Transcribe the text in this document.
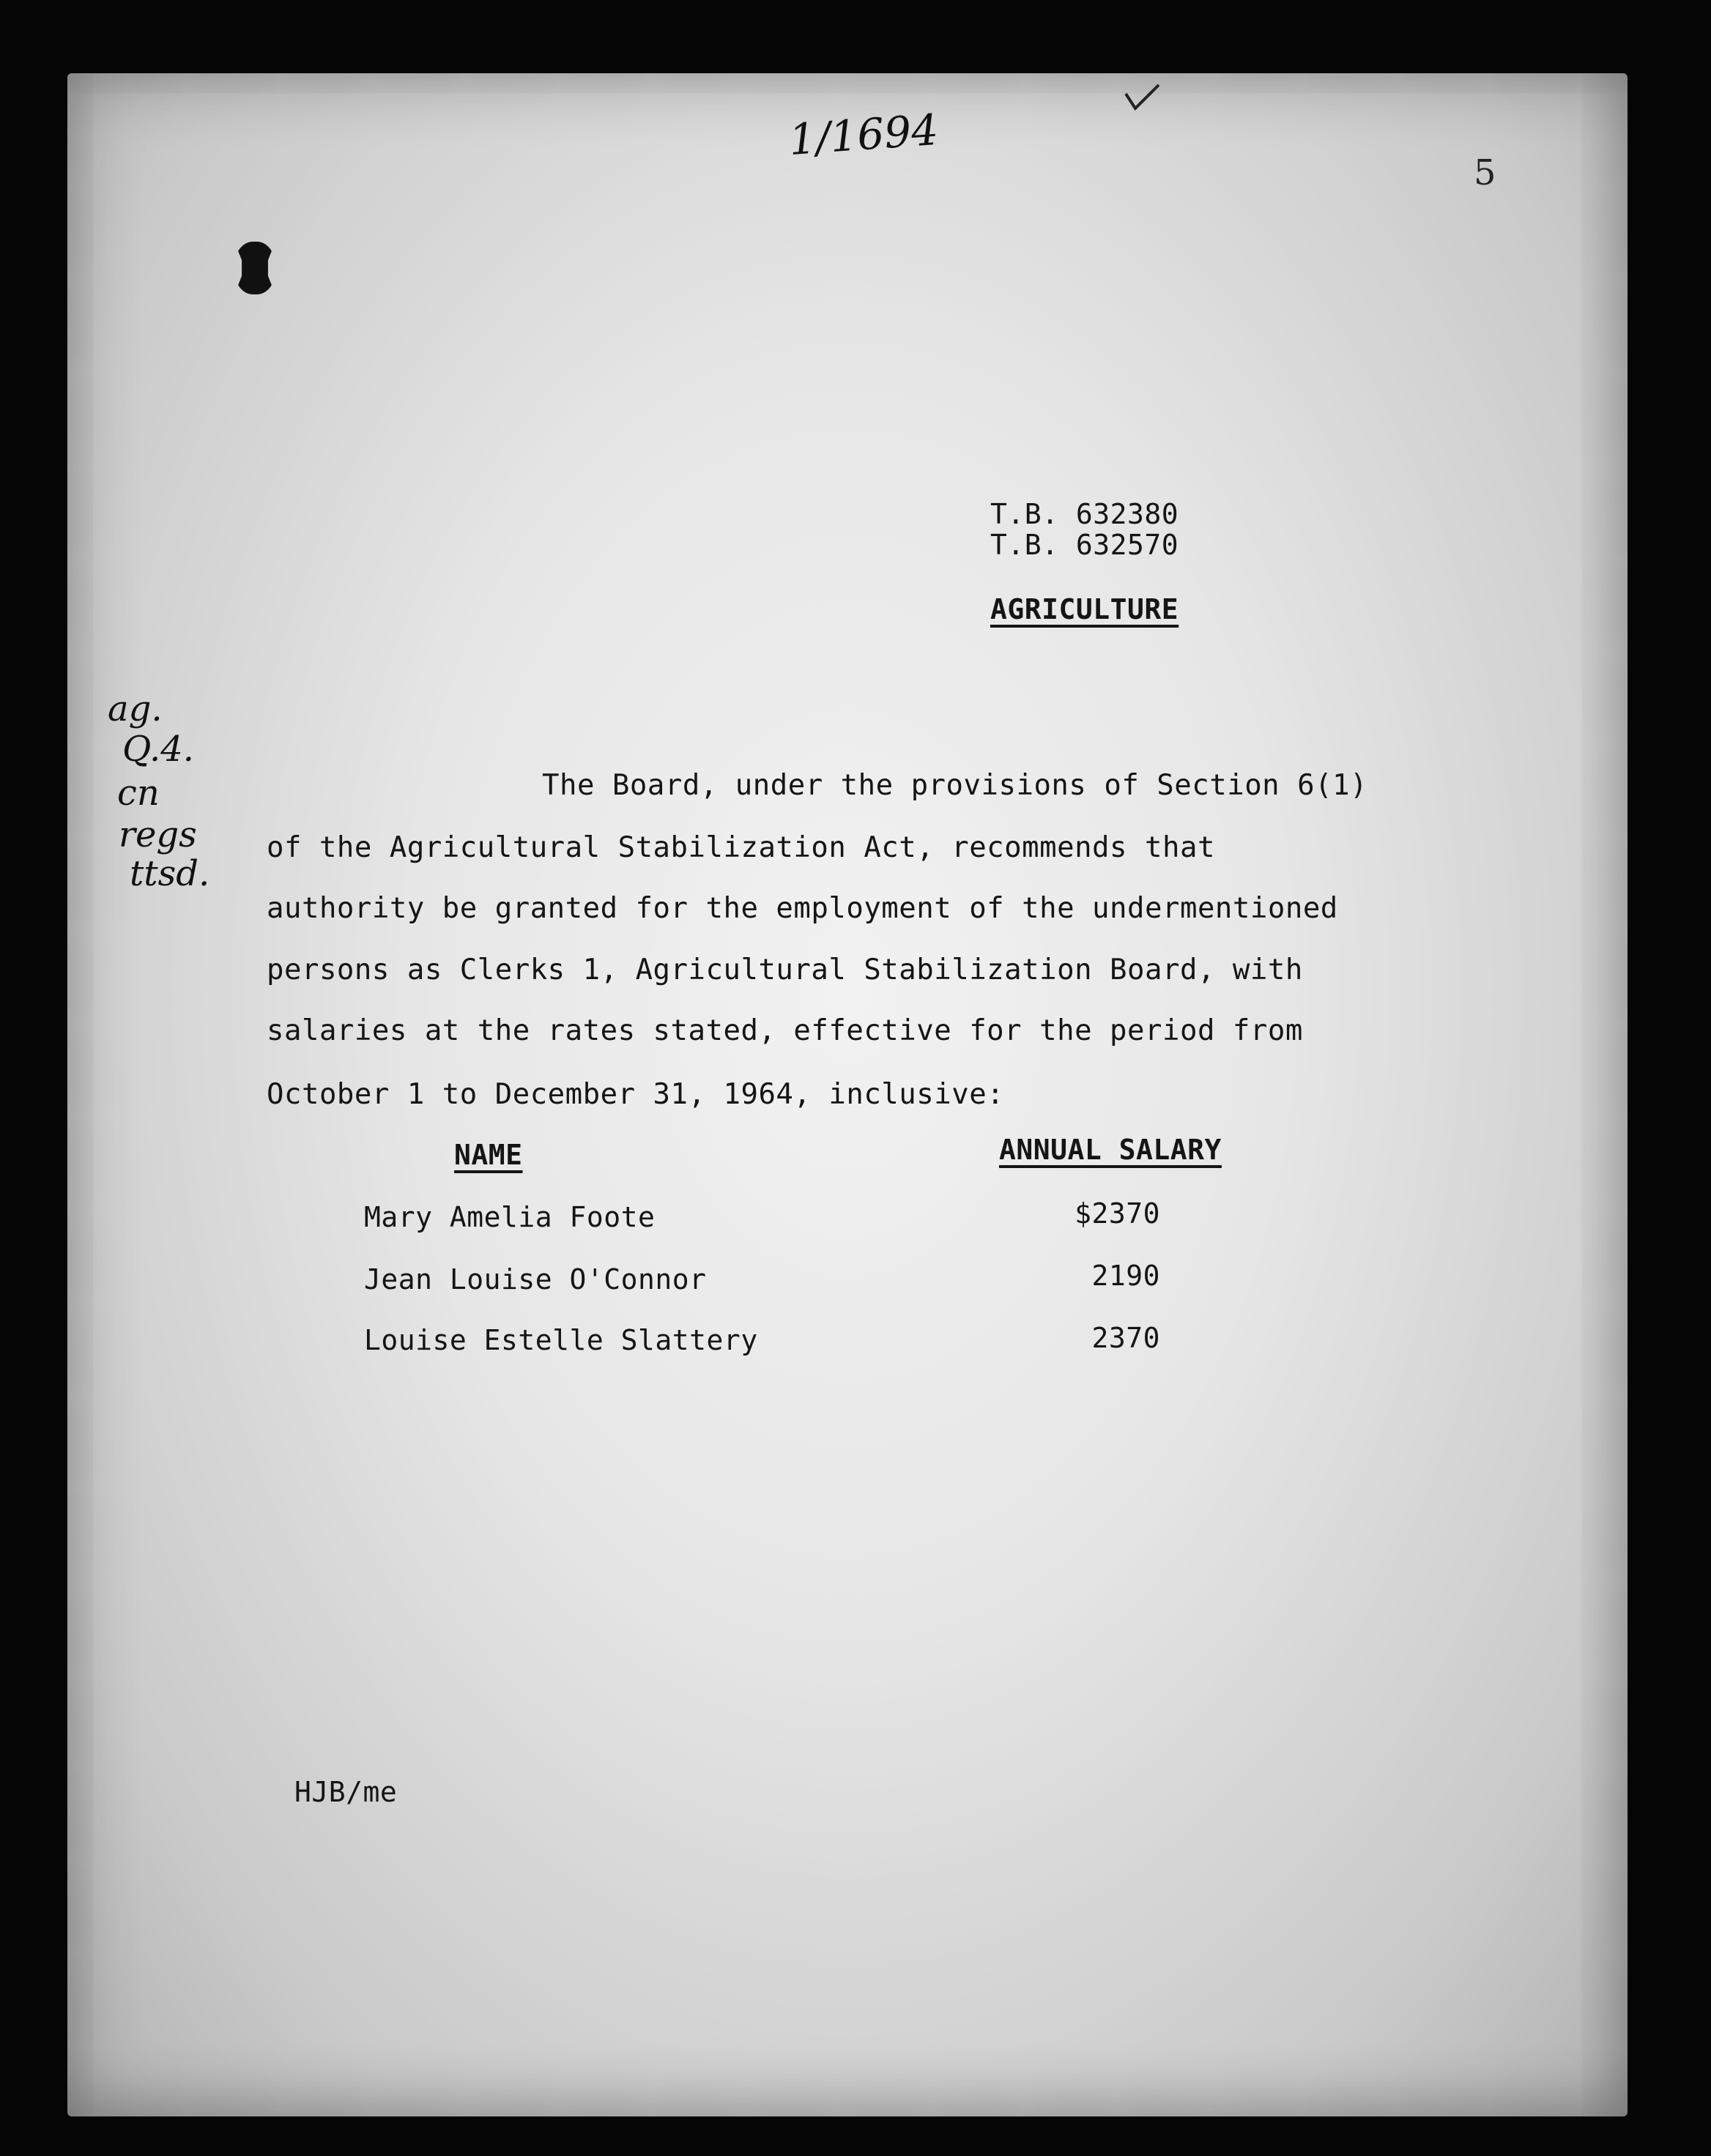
1/1694
5
T.B. 632380
T.B. 632570
AGRICULTURE
ag.
Q.4.
cn
regs
ttsd.
The Board, under the provisions of Section 6(1)
of the Agricultural Stabilization Act, recommends that
authority be granted for the employment of the undermentioned
persons as Clerks 1, Agricultural Stabilization Board, with
salaries at the rates stated, effective for the period from
October 1 to December 31, 1964, inclusive:
NAME	ANNUAL SALARY
Mary Amelia Foote	$2370
Jean Louise O'Connor	2190
Louise Estelle Slattery	2370
HJB/me
